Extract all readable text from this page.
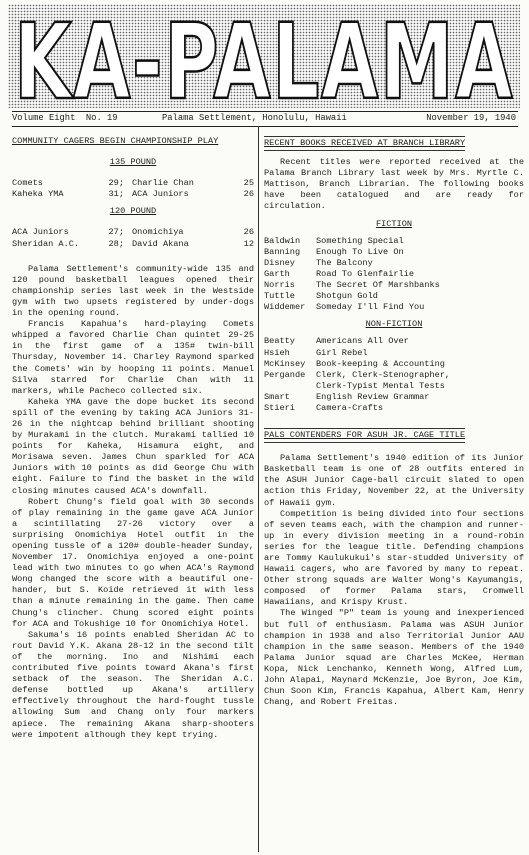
KA-PALAMA
Volume Eight  No. 19	Palama Settlement, Honolulu, Hawaii	November 19, 1940

COMMUNITY CAGERS BEGIN CHAMPIONSHIP PLAY

135 POUND

Comets	29;	Charlie Chan	25
Kaheka YMA	31;	ACA Juniors	26

120 POUND

ACA Juniors	27;	Onomichiya	26
Sheridan A.C.	28;	David Akana	12

Palama Settlement's community-wide 135 and 120 pound basketball leagues opened their championship series last week in the Westside gym with two upsets registered by under-dogs in the opening round.

Francis Kapahua's hard-playing Comets whipped a favored Charlie Chan quintet 29-25 in the first game of a 135# twin-bill Thursday, November 14. Charley Raymond sparked the Comets' win by hooping 11 points. Manuel Silva starred for Charlie Chan with 11 markers, while Pacheco collected six.

Kaheka YMA gave the dope bucket its second spill of the evening by taking ACA Juniors 31-26 in the nightcap behind brilliant shooting by Murakami in the clutch. Murakami tallied 10 points for Kaheka, Hisamura eight, and Morisawa seven. James Chun sparkled for ACA Juniors with 10 points as did George Chu with eight. Failure to find the basket in the wild closing minutes caused ACA's downfall.

Robert Chung's field goal with 30 seconds of play remaining in the game gave ACA Junior a scintillating 27-26 victory over a surprising Onomichiya Hotel outfit in the opening tussle of a 120# double-header Sunday, November 17. Onomichiya enjoyed a one-point lead with two minutes to go when ACA's Raymond Wong changed the score with a beautiful one-hander, but S. Koide retrieved it with less than a minute remaining in the game. Then came Chung's clincher. Chung scored eight points for ACA and Tokushige 10 for Onomichiya Hotel.

Sakuma's 16 points enabled Sheridan AC to rout David Y.K. Akana 28-12 in the second tilt of the morning. Ino and Nishimi each contributed five points toward Akana's first setback of the season. The Sheridan A.C. defense bottled up Akana's artillery effectively throughout the hard-fought tussle allowing Sum and Chang only four markers apiece. The remaining Akana sharp-shooters were impotent although they kept trying.

RECENT BOOKS RECEIVED AT BRANCH LIBRARY

Recent titles were reported received at the Palama Branch Library last week by Mrs. Myrtle C. Mattison, Branch Librarian. The following books have been catalogued and are ready for circulation.

FICTION

Baldwin	Something Special
Banning	Enough To Live On
Disney	The Balcony
Garth	Road To Glenfairlie
Norris	The Secret Of Marshbanks
Tuttle	Shotgun Gold
Widdemer	Someday I'll Find You

NON-FICTION

Beatty	Americans All Over
Hsieh	Girl Rebel
McKinsey	Book-keeping & Accounting
Pergande	Clerk, Clerk-Stenographer,
	Clerk-Typist Mental Tests
Smart	English Review Grammar
Stieri	Camera-Crafts

PALS CONTENDERS FOR ASUH JR. CAGE TITLE

Palama Settlement's 1940 edition of its Junior Basketball team is one of 28 outfits entered in the ASUH Junior Cage-ball circuit slated to open action this Friday, November 22, at the University of Hawaii gym.

Competition is being divided into four sections of seven teams each, with the champion and runner-up in every division meeting in a round-robin series for the league title. Defending champions are Tommy Kaulukukui's star-studded University of Hawaii cagers, who are favored by many to repeat. Other strong squads are Walter Wong's Kayumangis, composed of former Palama stars, Cromwell Hawaiians, and Krispy Krust.

The Winged "P" team is young and inexperienced but full of enthusiasm. Palama was ASUH Junior champion in 1938 and also Territorial Junior AAU champion in the same season. Members of the 1940 Palama Junior squad are Charles McKee, Herman Kopa, Nick Lenchanko, Kenneth Wong, Alfred Lum, John Alapai, Maynard McKenzie, Joe Byron, Joe Kim, Chun Soon Kim, Francis Kapahua, Albert Kam, Henry Chang, and Robert Freitas.
